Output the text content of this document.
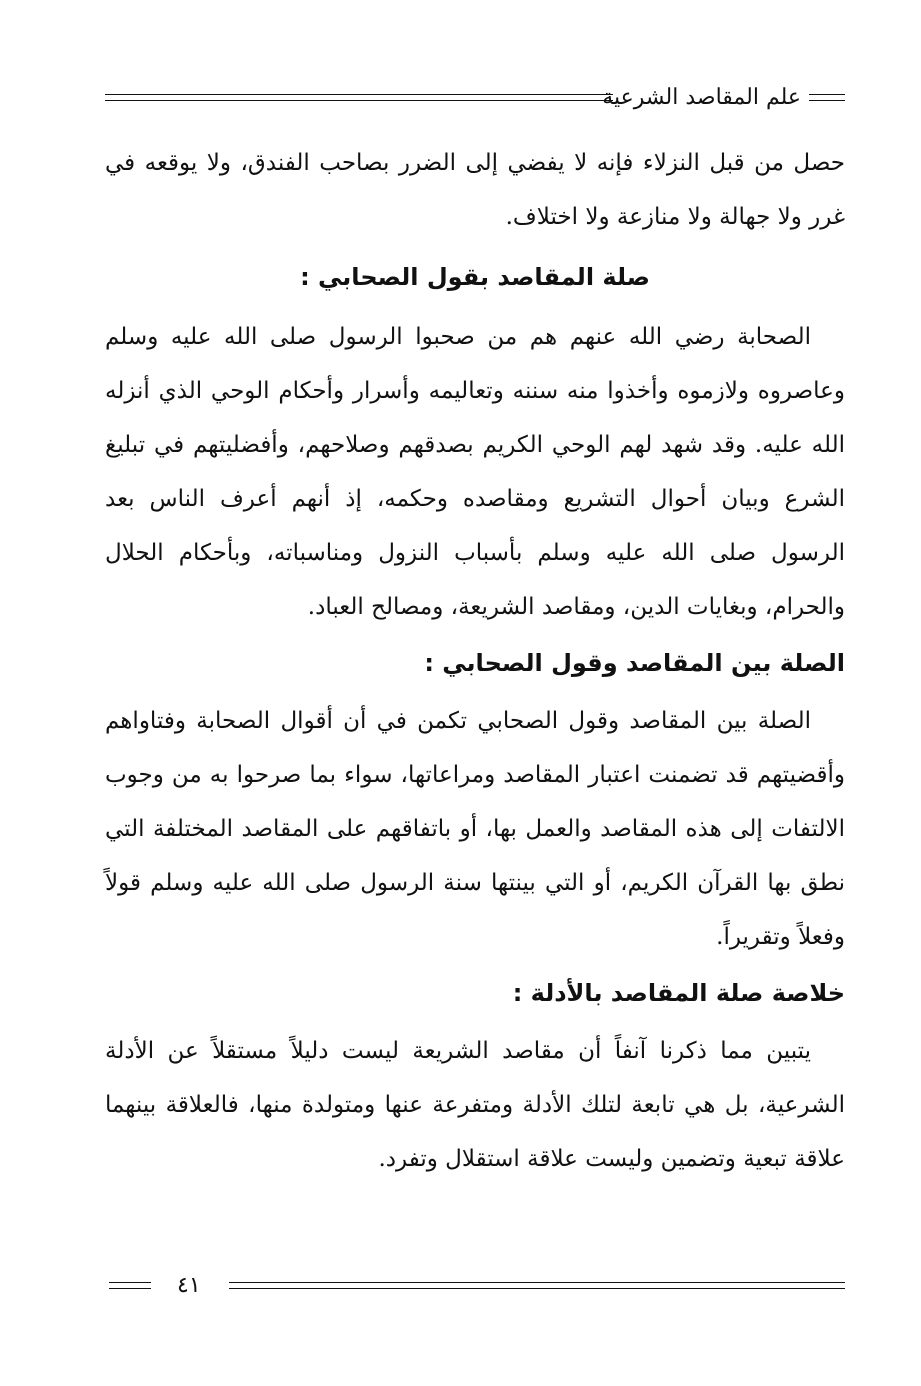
علم المقاصد الشرعية

حصل من قبل النزلاء فإنه لا يفضي إلى الضرر بصاحب الفندق، ولا يوقعه في غرر ولا جهالة ولا منازعة ولا اختلاف.

صلة المقاصد بقول الصحابي :

الصحابة رضي الله عنهم هم من صحبوا الرسول صلى الله عليه وسلم وعاصروه ولازموه وأخذوا منه سننه وتعاليمه وأسرار وأحكام الوحي الذي أنزله الله عليه. وقد شهد لهم الوحي الكريم بصدقهم وصلاحهم، وأفضليتهم في تبليغ الشرع وبيان أحوال التشريع ومقاصده وحكمه، إذ أنهم أعرف الناس بعد الرسول صلى الله عليه وسلم بأسباب النزول ومناسباته، وبأحكام الحلال والحرام، وبغايات الدين، ومقاصد الشريعة، ومصالح العباد.

الصلة بين المقاصد وقول الصحابي :

الصلة بين المقاصد وقول الصحابي تكمن في أن أقوال الصحابة وفتاواهم وأقضيتهم قد تضمنت اعتبار المقاصد ومراعاتها، سواء بما صرحوا به من وجوب الالتفات إلى هذه المقاصد والعمل بها، أو باتفاقهم على المقاصد المختلفة التي نطق بها القرآن الكريم، أو التي بينتها سنة الرسول صلى الله عليه وسلم قولاً وفعلاً وتقريراً.

خلاصة صلة المقاصد بالأدلة :

يتبين مما ذكرنا آنفاً أن مقاصد الشريعة ليست دليلاً مستقلاً عن الأدلة الشرعية، بل هي تابعة لتلك الأدلة ومتفرعة عنها ومتولدة منها، فالعلاقة بينهما علاقة تبعية وتضمين وليست علاقة استقلال وتفرد.

٤١
